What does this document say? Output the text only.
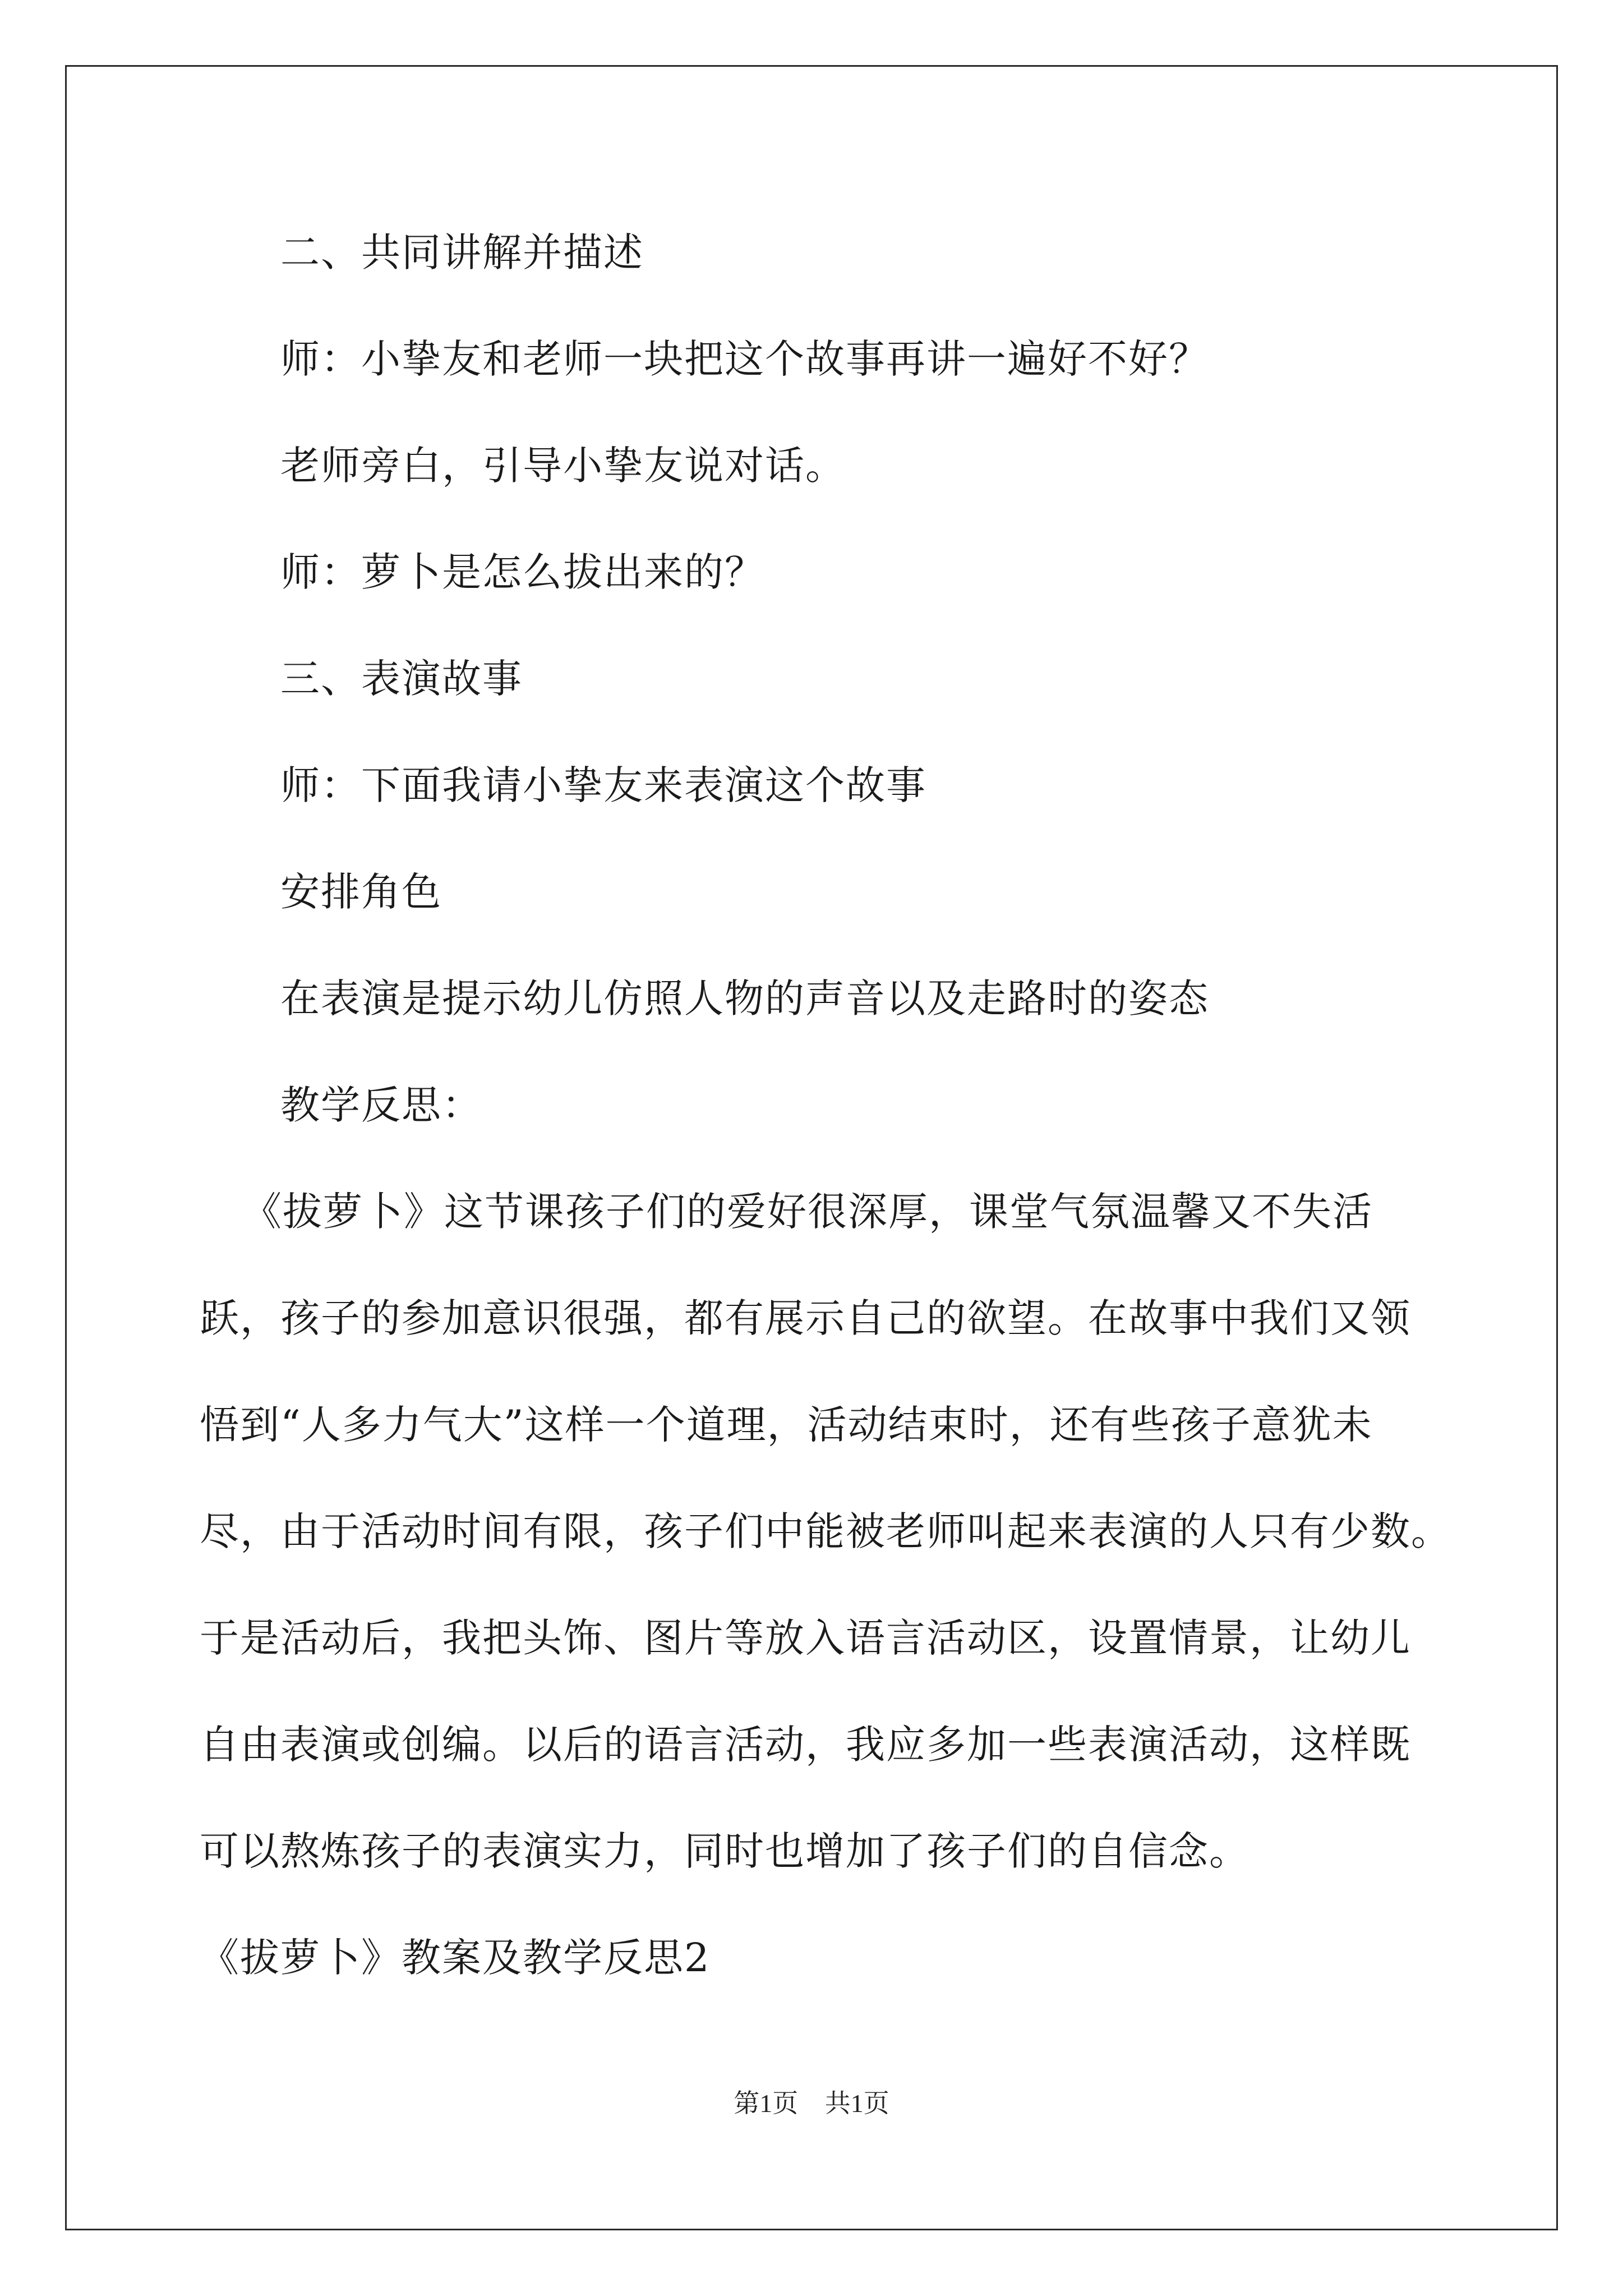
二、共同讲解并描述
师：小挚友和老师一块把这个故事再讲一遍好不好？
老师旁白，引导小挚友说对话。
师：萝卜是怎么拔出来的？
三、表演故事
师：下面我请小挚友来表演这个故事
安排角色
在表演是提示幼儿仿照人物的声音以及走路时的姿态
教学反思：
《拔萝卜》这节课孩子们的爱好很深厚，课堂气氛温馨又不失活
跃，孩子的参加意识很强，都有展示自己的欲望。在故事中我们又领
悟到“人多力气大”这样一个道理，活动结束时，还有些孩子意犹未
尽，由于活动时间有限，孩子们中能被老师叫起来表演的人只有少数。
于是活动后，我把头饰、图片等放入语言活动区，设置情景，让幼儿
自由表演或创编。以后的语言活动，我应多加一些表演活动，这样既
可以熬炼孩子的表演实力，同时也增加了孩子们的自信念。
《拔萝卜》教案及教学反思2
第1页 共1页
